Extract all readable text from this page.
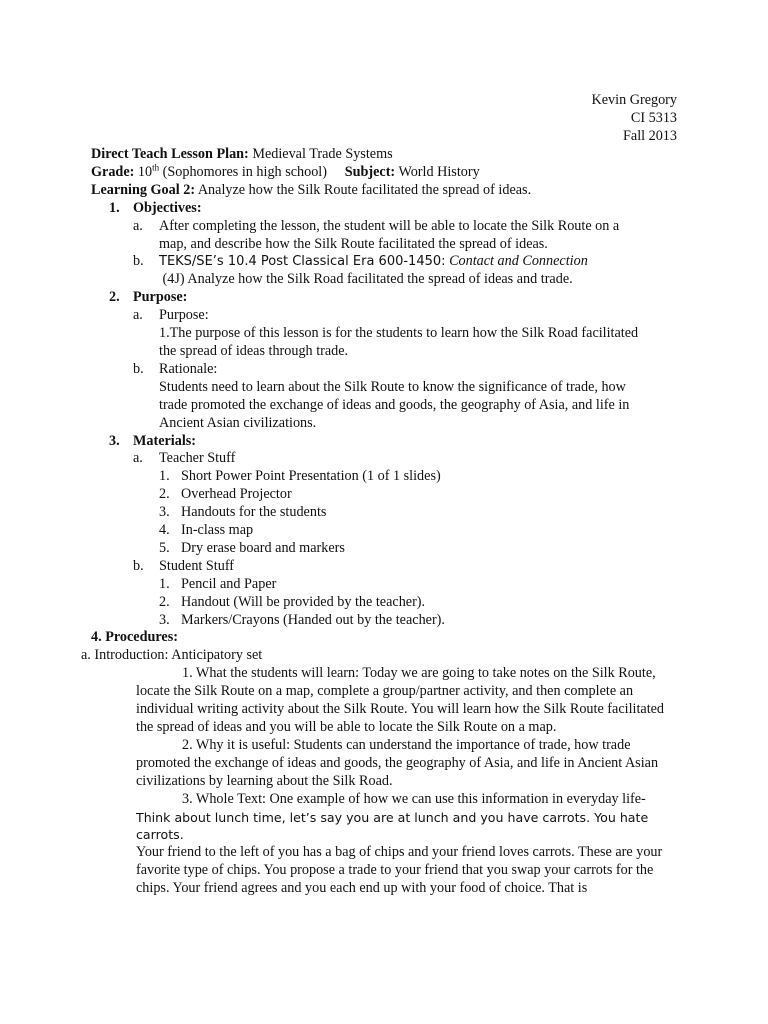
Kevin Gregory
CI 5313
Fall 2013
Direct Teach Lesson Plan: Medieval Trade Systems
Grade: 10th (Sophomores in high school) Subject: World History
Learning Goal 2: Analyze how the Silk Route facilitated the spread of ideas.
1. Objectives:
a. After completing the lesson, the student will be able to locate the Silk Route on a
map, and describe how the Silk Route facilitated the spread of ideas.
b. TEKS/SE’s 10.4 Post Classical Era 600-1450: Contact and Connection
(4J) Analyze how the Silk Road facilitated the spread of ideas and trade.
2. Purpose:
a. Purpose:
1.The purpose of this lesson is for the students to learn how the Silk Road facilitated
the spread of ideas through trade.
b. Rationale:
Students need to learn about the Silk Route to know the significance of trade, how
trade promoted the exchange of ideas and goods, the geography of Asia, and life in
Ancient Asian civilizations.
3. Materials:
a. Teacher Stuff
1. Short Power Point Presentation (1 of 1 slides)
2. Overhead Projector
3. Handouts for the students
4. In-class map
5. Dry erase board and markers
b. Student Stuff
1. Pencil and Paper
2. Handout (Will be provided by the teacher).
3. Markers/Crayons (Handed out by the teacher).
4. Procedures:
a. Introduction: Anticipatory set

1. What the students will learn: Today we are going to take notes on the Silk Route, locate the Silk Route on a map, complete a group/partner activity, and then complete an individual writing activity about the Silk Route. You will learn how the Silk Route facilitated the spread of ideas and you will be able to locate the Silk Route on a map.

2. Why it is useful: Students can understand the importance of trade, how trade promoted the exchange of ideas and goods, the geography of Asia, and life in Ancient Asian civilizations by learning about the Silk Road.

3. Whole Text: One example of how we can use this information in everyday life-

Think about lunch time, let’s say you are at lunch and you have carrots. You hate carrots.

Your friend to the left of you has a bag of chips and your friend loves carrots. These are your favorite type of chips. You propose a trade to your friend that you swap your carrots for the chips. Your friend agrees and you each end up with your food of choice. That is
